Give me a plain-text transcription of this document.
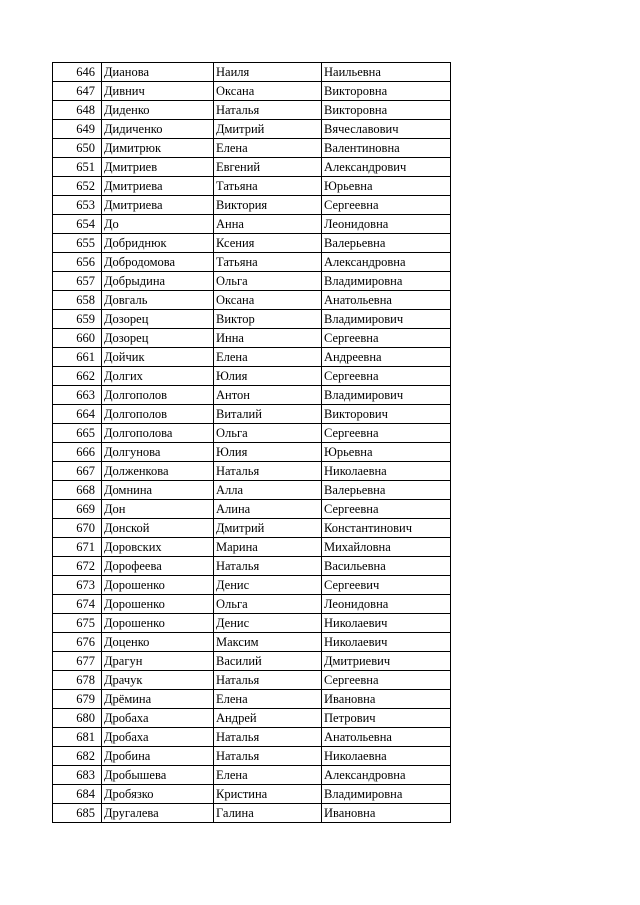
646	Дианова	Наиля	Наильевна
647	Дивнич	Оксана	Викторовна
648	Диденко	Наталья	Викторовна
649	Дидиченко	Дмитрий	Вячеславович
650	Димитрюк	Елена	Валентиновна
651	Дмитриев	Евгений	Александрович
652	Дмитриева	Татьяна	Юрьевна
653	Дмитриева	Виктория	Сергеевна
654	До	Анна	Леонидовна
655	Добриднюк	Ксения	Валерьевна
656	Добродомова	Татьяна	Александровна
657	Добрыдина	Ольга	Владимировна
658	Довгаль	Оксана	Анатольевна
659	Дозорец	Виктор	Владимирович
660	Дозорец	Инна	Сергеевна
661	Дойчик	Елена	Андреевна
662	Долгих	Юлия	Сергеевна
663	Долгополов	Антон	Владимирович
664	Долгополов	Виталий	Викторович
665	Долгополова	Ольга	Сергеевна
666	Долгунова	Юлия	Юрьевна
667	Долженкова	Наталья	Николаевна
668	Домнина	Алла	Валерьевна
669	Дон	Алина	Сергеевна
670	Донской	Дмитрий	Константинович
671	Доровских	Марина	Михайловна
672	Дорофеева	Наталья	Васильевна
673	Дорошенко	Денис	Сергеевич
674	Дорошенко	Ольга	Леонидовна
675	Дорошенко	Денис	Николаевич
676	Доценко	Максим	Николаевич
677	Драгун	Василий	Дмитриевич
678	Драчук	Наталья	Сергеевна
679	Дрёмина	Елена	Ивановна
680	Дробаха	Андрей	Петрович
681	Дробаха	Наталья	Анатольевна
682	Дробина	Наталья	Николаевна
683	Дробышева	Елена	Александровна
684	Дробязко	Кристина	Владимировна
685	Другалева	Галина	Ивановна
